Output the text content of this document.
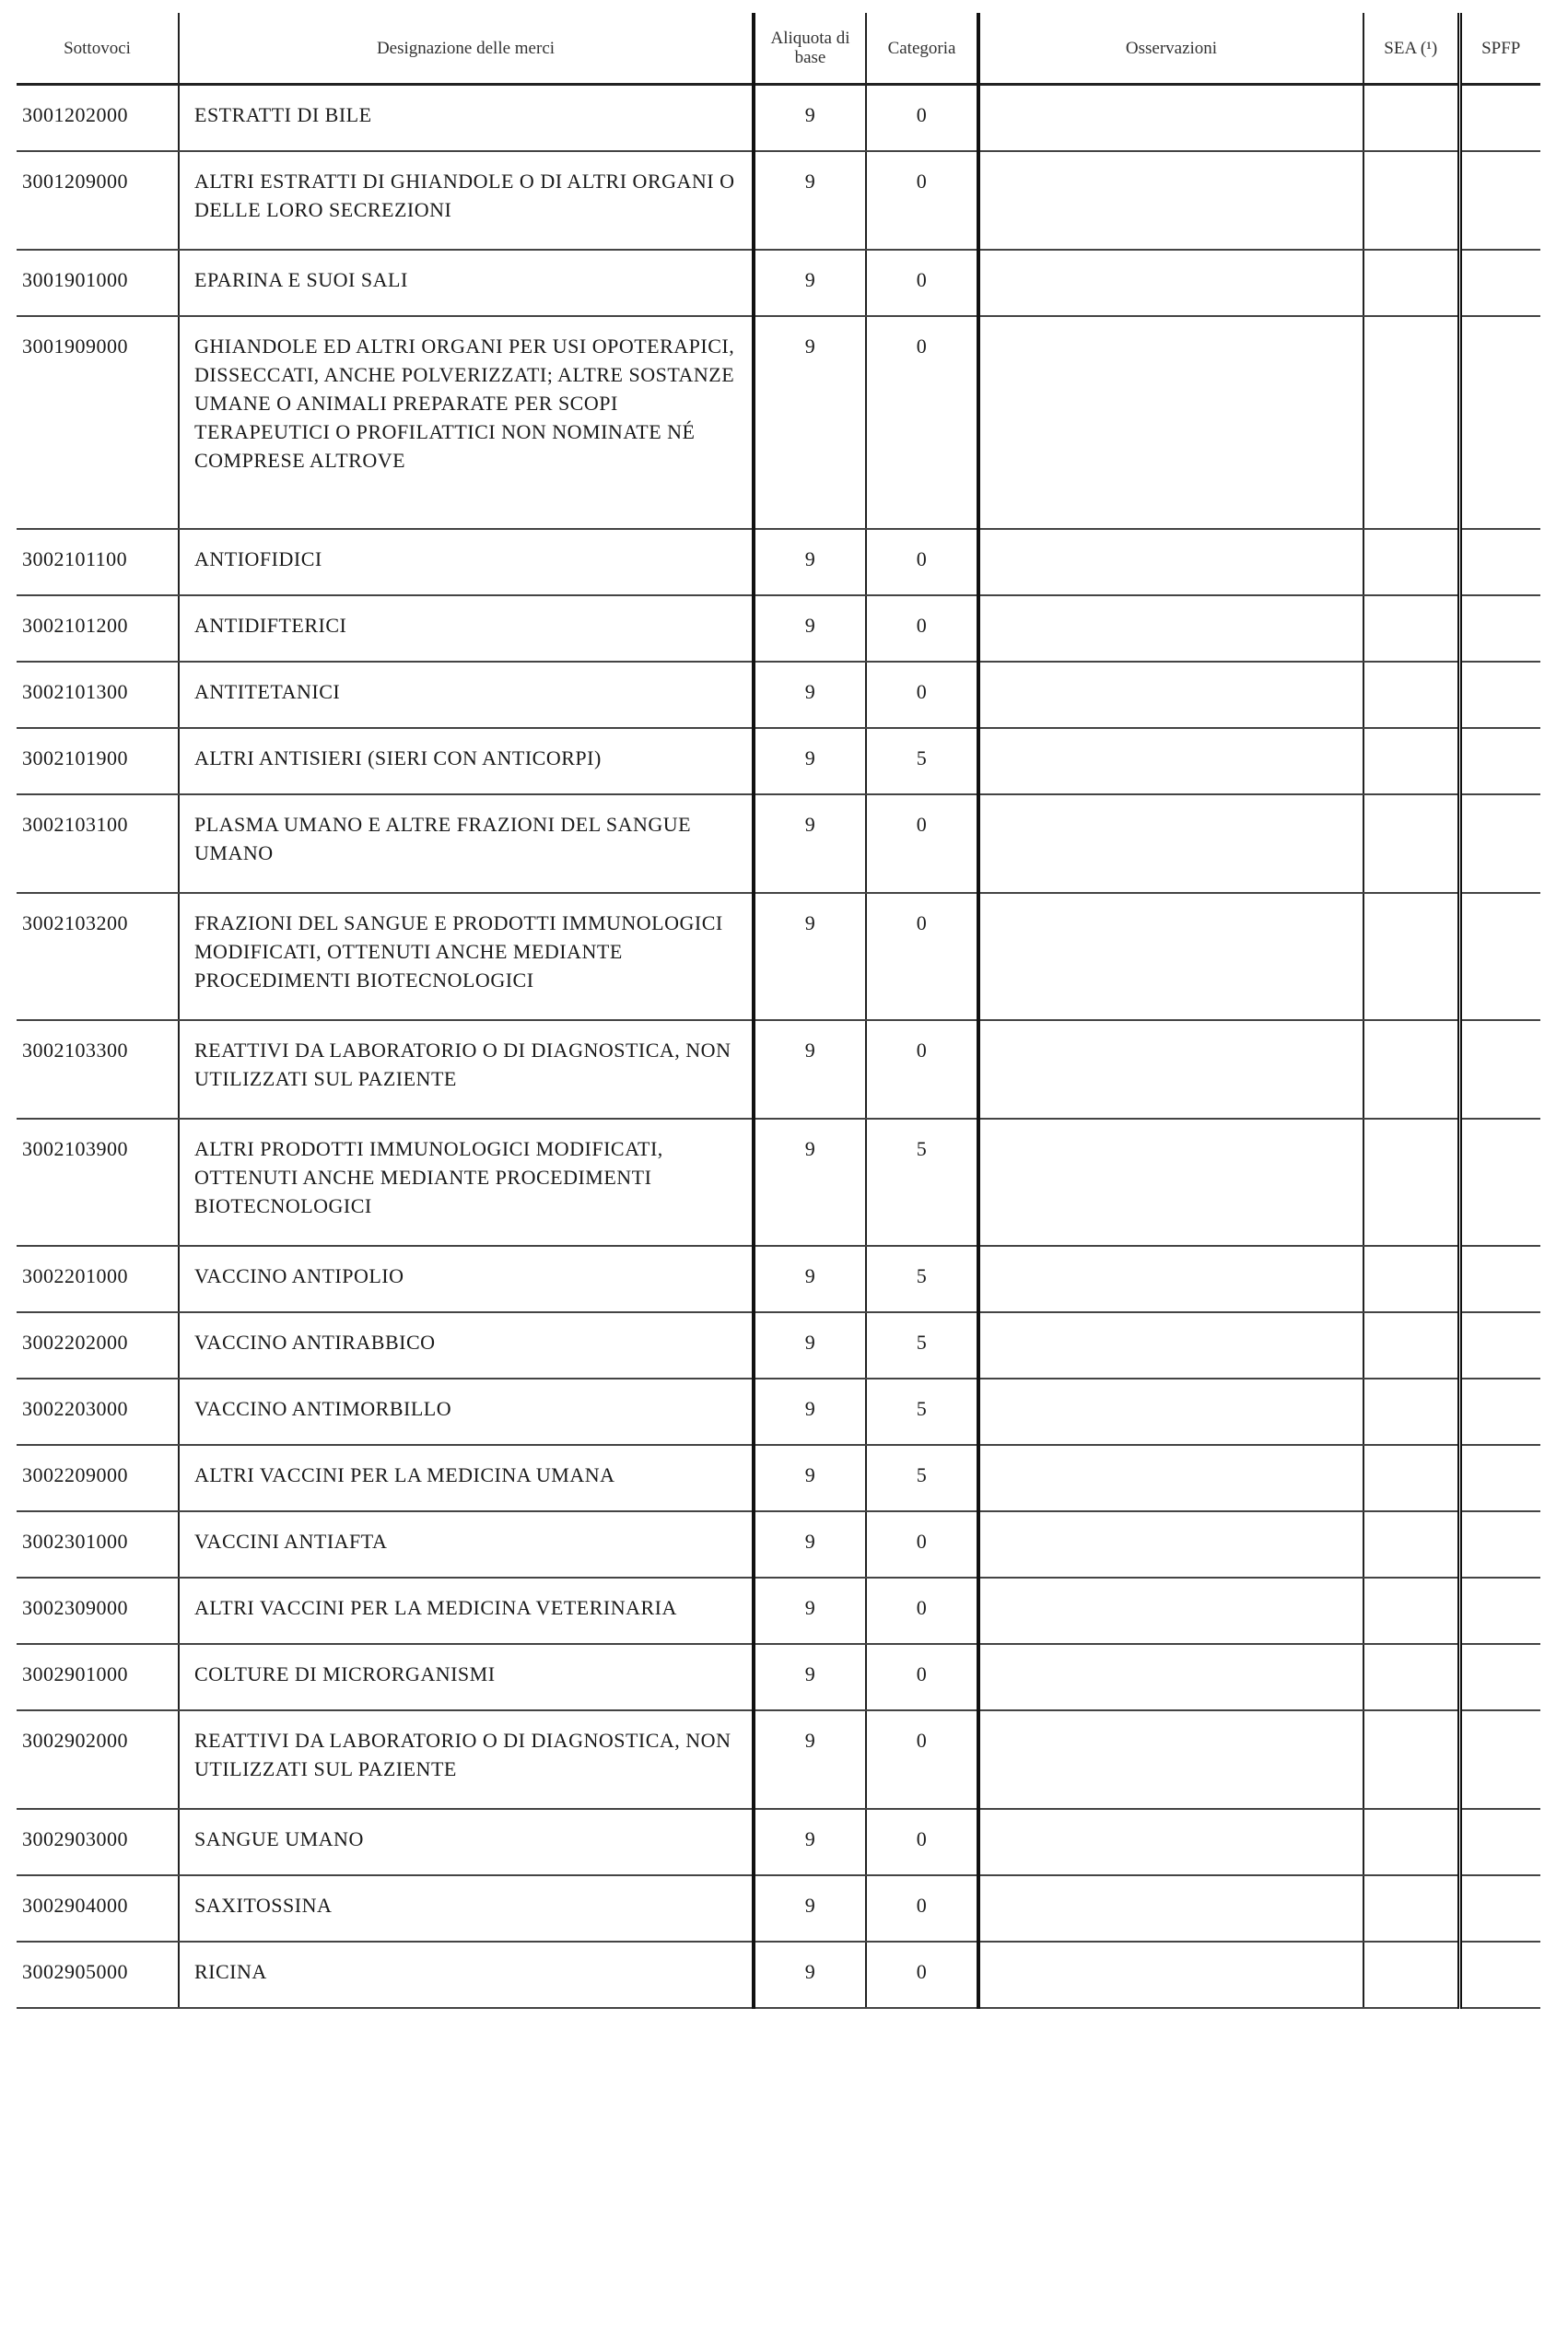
Sottovoci	Designazione delle merci	Aliquota di base	Categoria	Osservazioni	SEA (¹)	SPFP
3001202000	ESTRATTI DI BILE	9	0			
3001209000	ALTRI ESTRATTI DI GHIANDOLE O DI ALTRI ORGANI O DELLE LORO SECREZIONI	9	0			
3001901000	EPARINA E SUOI SALI	9	0			
3001909000	GHIANDOLE ED ALTRI ORGANI PER USI OPOTERAPICI, DISSECCATI, ANCHE POLVERIZZATI; ALTRE SOSTANZE UMANE O ANIMALI PREPARATE PER SCOPI TERAPEUTICI O PROFILATTICI NON NOMINATE NÉ COMPRESE ALTROVE	9	0			
3002101100	ANTIOFIDICI	9	0			
3002101200	ANTIDIFTERICI	9	0			
3002101300	ANTITETANICI	9	0			
3002101900	ALTRI ANTISIERI (SIERI CON ANTICORPI)	9	5			
3002103100	PLASMA UMANO E ALTRE FRAZIONI DEL SANGUE UMANO	9	0			
3002103200	FRAZIONI DEL SANGUE E PRODOTTI IMMUNOLOGICI MODIFICATI, OTTENUTI ANCHE MEDIANTE PROCEDIMENTI BIOTECNOLOGICI	9	0			
3002103300	REATTIVI DA LABORATORIO O DI DIAGNOSTICA, NON UTILIZZATI SUL PAZIENTE	9	0			
3002103900	ALTRI PRODOTTI IMMUNOLOGICI MODIFICATI, OTTENUTI ANCHE MEDIANTE PROCEDIMENTI BIOTECNOLOGICI	9	5			
3002201000	VACCINO ANTIPOLIO	9	5			
3002202000	VACCINO ANTIRABBICO	9	5			
3002203000	VACCINO ANTIMORBILLO	9	5			
3002209000	ALTRI VACCINI PER LA MEDICINA UMANA	9	5			
3002301000	VACCINI ANTIAFTA	9	0			
3002309000	ALTRI VACCINI PER LA MEDICINA VETERINARIA	9	0			
3002901000	COLTURE DI MICRORGANISMI	9	0			
3002902000	REATTIVI DA LABORATORIO O DI DIAGNOSTICA, NON UTILIZZATI SUL PAZIENTE	9	0			
3002903000	SANGUE UMANO	9	0			
3002904000	SAXITOSSINA	9	0			
3002905000	RICINA	9	0			
